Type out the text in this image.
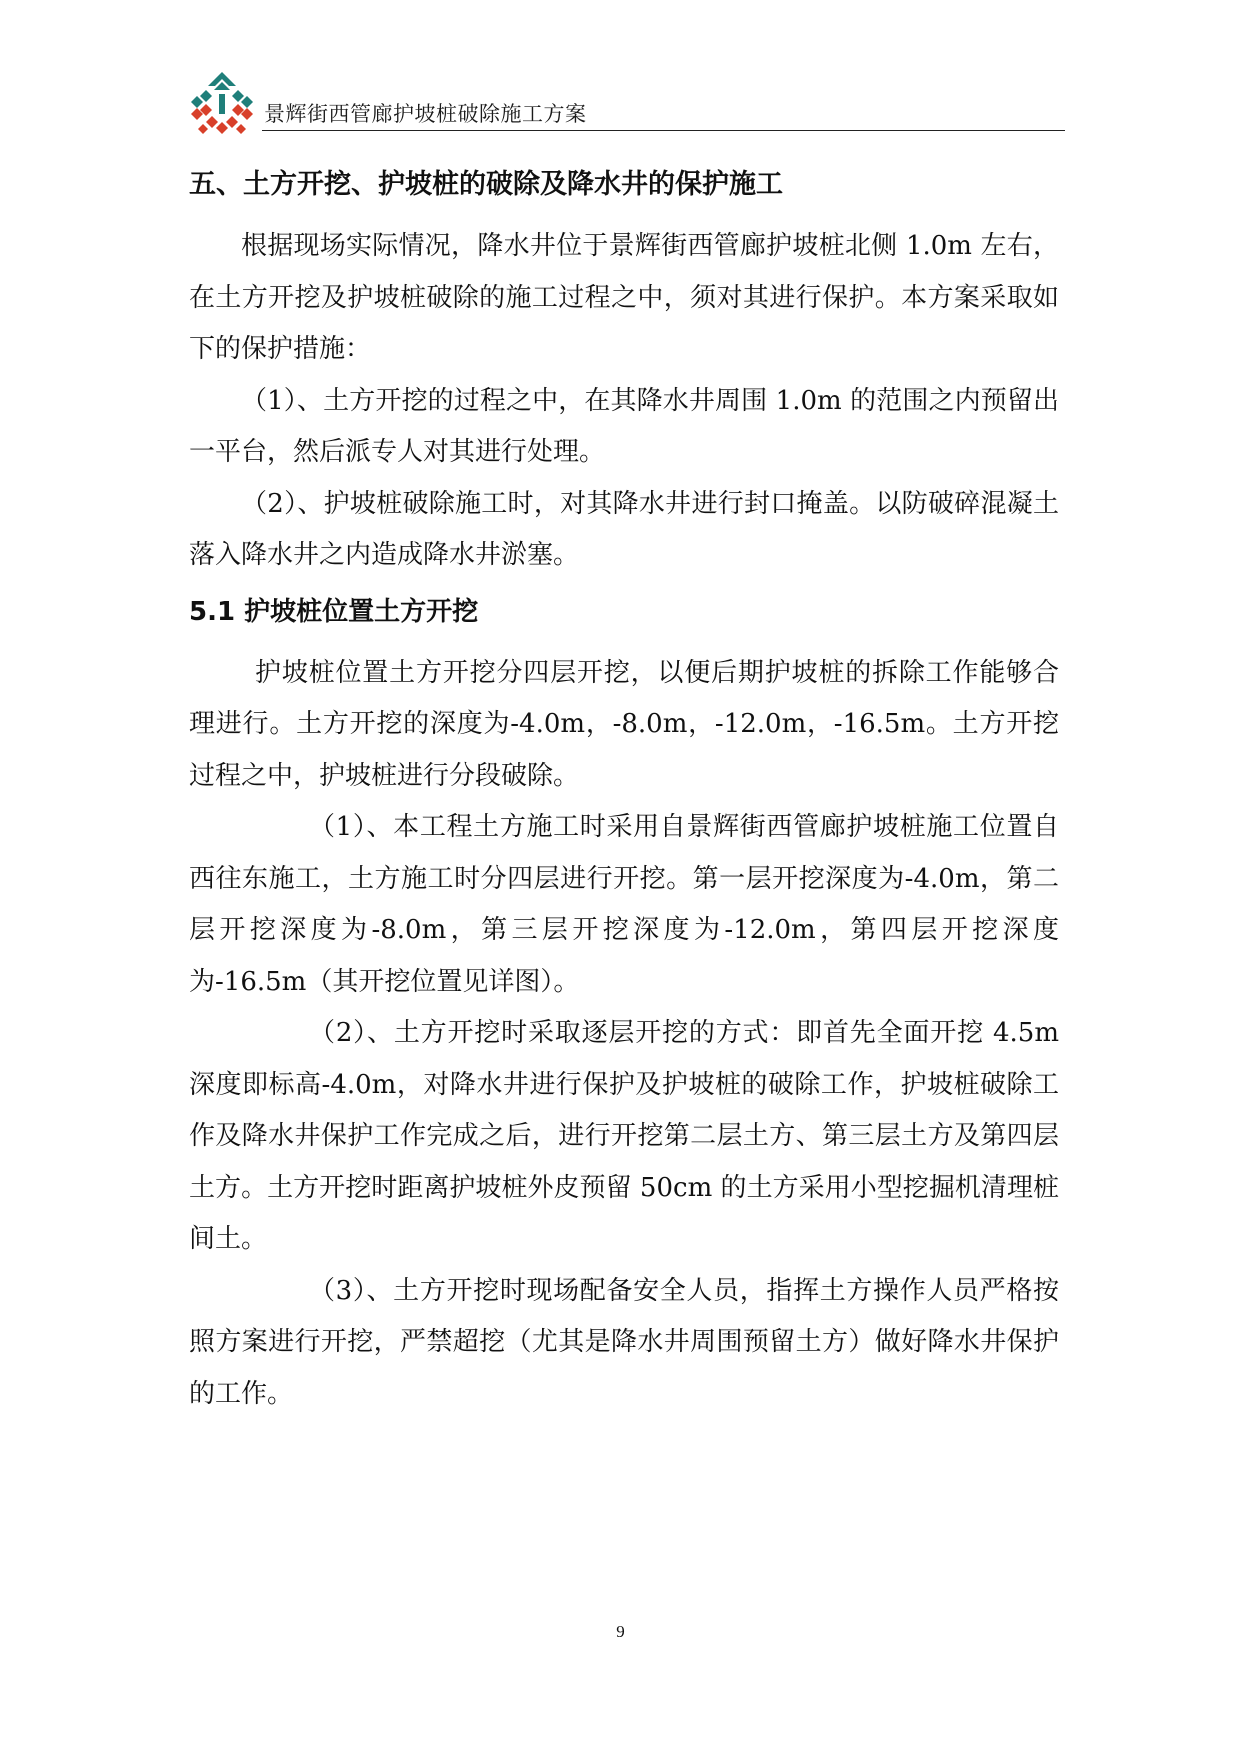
景辉街西管廊护坡桩破除施工方案
五、土方开挖、护坡桩的破除及降水井的保护施工

根据现场实际情况，降水井位于景辉街西管廊护坡桩北侧 1.0m 左右，在土方开挖及护坡桩破除的施工过程之中，须对其进行保护。本方案采取如下的保护措施：

（1）、土方开挖的过程之中，在其降水井周围 1.0m 的范围之内预留出一平台，然后派专人对其进行处理。

（2）、护坡桩破除施工时，对其降水井进行封口掩盖。以防破碎混凝土落入降水井之内造成降水井淤塞。

5.1 护坡桩位置土方开挖

护坡桩位置土方开挖分四层开挖，以便后期护坡桩的拆除工作能够合理进行。土方开挖的深度为-4.0m，-8.0m，-12.0m，-16.5m。土方开挖过程之中，护坡桩进行分段破除。

（1）、本工程土方施工时采用自景辉街西管廊护坡桩施工位置自西往东施工，土方施工时分四层进行开挖。第一层开挖深度为-4.0m，第二层开挖深度为-8.0m，第三层开挖深度为-12.0m，第四层开挖深度为-16.5m（其开挖位置见详图）。

（2）、土方开挖时采取逐层开挖的方式：即首先全面开挖 4.5m 深度即标高-4.0m，对降水井进行保护及护坡桩的破除工作，护坡桩破除工作及降水井保护工作完成之后，进行开挖第二层土方、第三层土方及第四层土方。土方开挖时距离护坡桩外皮预留 50cm 的土方采用小型挖掘机清理桩间土。

（3）、土方开挖时现场配备安全人员，指挥土方操作人员严格按照方案进行开挖，严禁超挖（尤其是降水井周围预留土方）做好降水井保护的工作。

9
